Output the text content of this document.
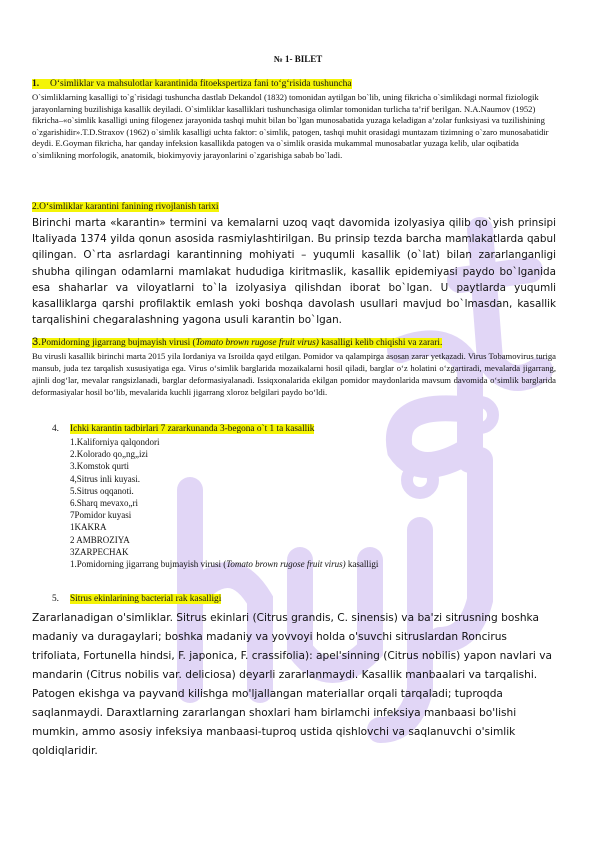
№ 1- BILET
1. O‘simliklar va mahsulotlar karantinida fitoekspertiza fani to‘g‘risida tushuncha
O`simliklarning kasalligi to`g`risidagi tushuncha dastlab Dekandol (1832) tomonidan aytilgan bo`lib, uning fikricha o`simlikdagi normal fiziologik jarayonlarning buzilishiga kasallik deyiladi. O`simliklar kasalliklari tushunchasiga olimlar tomonidan turlicha ta’rif berilgan. N.A.Naumov (1952) fikricha–«o`simlik kasalligi uning filogenez jarayonida tashqi muhit bilan bo`lgan munosabatida yuzaga keladigan a’zolar funksiyasi va tuzilishining o`zgarishidir».T.D.Straxov (1962) o`simlik kasalligi uchta faktor: o`simlik, patogen, tashqi muhit orasidagi muntazam tizimning o`zaro munosabatidir deydi. E.Goyman fikricha, har qanday infeksion kasallikda patogen va o`simlik orasida mukammal munosabatlar yuzaga kelib, ular oqibatida o`simlikning morfologik, anatomik, biokimyoviy jarayonlarini o`zgarishiga sabab bo`ladi.
2.O‘simliklar karantini fanining rivojlanish tarixi
Birinchi marta «karantin» termini va kemalarni uzoq vaqt davomida izolyasiya qilib qo`yish prinsipi Italiyada 1374 yilda qonun asosida rasmiylashtirilgan. Bu prinsip tezda barcha mamlakatlarda qabul qilingan. O`rta asrlardagi karantinning mohiyati – yuqumli kasallik (o`lat) bilan zararlanganligi shubha qilingan odamlarni mamlakat hududiga kiritmaslik, kasallik epidemiyasi paydo bo`lganida esa shaharlar va viloyatlarni to`la izolyasiya qilishdan iborat bo`lgan. U paytlarda yuqumli kasalliklarga qarshi profilaktik emlash yoki boshqa davolash usullari mavjud bo`lmasdan, kasallik tarqalishini chegaralashning yagona usuli karantin bo`lgan.
3.Pomidorning jigarrang bujmayish virusi (Tomato brown rugose fruit virus) kasalligi kelib chiqishi va zarari.
Bu virusli kasallik birinchi marta 2015 yila Iordaniya va Isroilda qayd etilgan. Pomidor va qalampirga asosan zarar yetkazadi. Virus Tobamovirus turiga mansub, juda tez tarqalish xususiyatiga ega. Virus o‘simlik barglarida mozaikalarni hosil qiladi, barglar o‘z holatini o‘zgartiradi, mevalarda jigarrang, ajinli dog‘lar, mevalar rangsizlanadi, barglar deformasiyalanadi. Issiqxonalarida ekilgan pomidor maydonlarida mavsum davomida o‘simlik barglarida deformasiyalar hosil bo‘lib, mevalarida kuchli jigarrang xloroz belgilari paydo bo‘ldi.
4. Ichki karantin tadbirlari 7 zararkunanda 3-begona o`t 1 ta kasallik
1.Kaliforniya qalqondori
2.Kolorado qo„ng„izi
3.Komstok qurti
4,Sitrus inli kuyasi.
5.Sitrus oqqanoti.
6.Sharq mevaxo„ri
7Pomidor kuyasi
1KAKRA
2 AMBROZIYA
3ZARPECHAK
1.Pomidorning jigarrang bujmayish virusi (Tomato brown rugose fruit virus) kasalligi
5. Sitrus ekinlarining bacterial rak kasalligi
Zararlanadigan o'simliklar. Sitrus ekinlari (Citrus grandis, C. sinensis) va ba'zi sitrusning boshka madaniy va duragaylari; boshka madaniy va yovvoyi holda o'suvchi sitruslardan Roncirus trifoliata, Fortunella hindsi, F. japonica, F. crassifolia): apel'sinning (Citrus nobilis) yapon navlari va mandarin (Citrus nobilis var. deliciosa) deyarli zararlanmaydi. Kasallik manbaalari va tarqalishi. Patogen ekishga va payvand kilishga mo'ljallangan materiallar orqali tarqaladi; tuproqda saqlanmaydi. Daraxtlarning zararlangan shoxlari ham birlamchi infeksiya manbaasi bo'lishi mumkin, ammo asosiy infeksiya manbaasi-tuproq ustida qishlovchi va saqlanuvchi o'simlik qoldiqlaridir.
